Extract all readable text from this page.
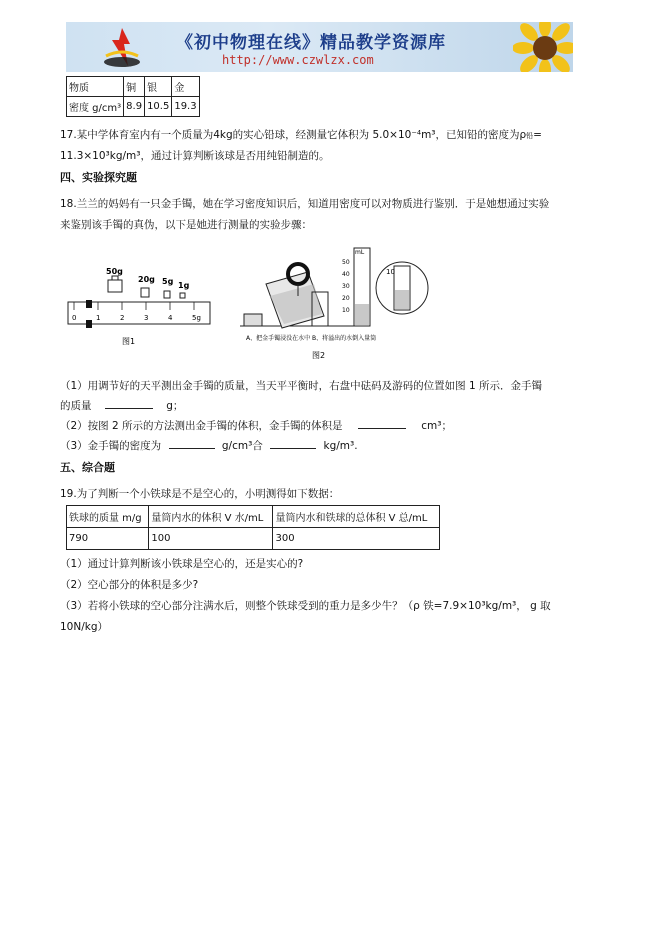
《初中物理在线》精品教学资源库
http://www.czwlzx.com
物质	铜	银	金
密度 g/cm³	8.9	10.5	19.3
17.某中学体育室内有一个质量为4kg的实心铅球，经测量它体积为 5.0×10⁻⁴m³，已知铅的密度为ρ铅=
11.3×10³kg/m³，通过计算判断该球是否用纯铅制造的。
四、实验探究题
18.兰兰的妈妈有一只金手镯，她在学习密度知识后，知道用密度可以对物质进行鉴别．于是她想通过实验
来鉴别该手镯的真伪，以下是她进行测量的实验步骤：
50g
20g 5g 1g
0	1	2	3	4	5g
图1
mL
50
40
30
20
10
10
A、把金手镯浸没在水中 B、将溢出的水倒入量筒
图2
（1）用调节好的天平测出金手镯的质量，当天平平衡时，右盘中砝码及游码的位置如图 1 所示．金手镯
的质量	g；
（2）按图 2 所示的方法测出金手镯的体积，金手镯的体积是	cm³；
（3）金手镯的密度为	g/cm³合	kg/m³.
五、综合题
19.为了判断一个小铁球是不是空心的，小明测得如下数据：
铁球的质量 m/g	量筒内水的体积 V 水/mL	量筒内水和铁球的总体积 V 总/mL
790	100	300
（1）通过计算判断该小铁球是空心的，还是实心的?
（2）空心部分的体积是多少?
（3）若将小铁球的空心部分注满水后，则整个铁球受到的重力是多少牛？（ρ 铁=7.9×10³kg/m³， g 取
10N/kg）
